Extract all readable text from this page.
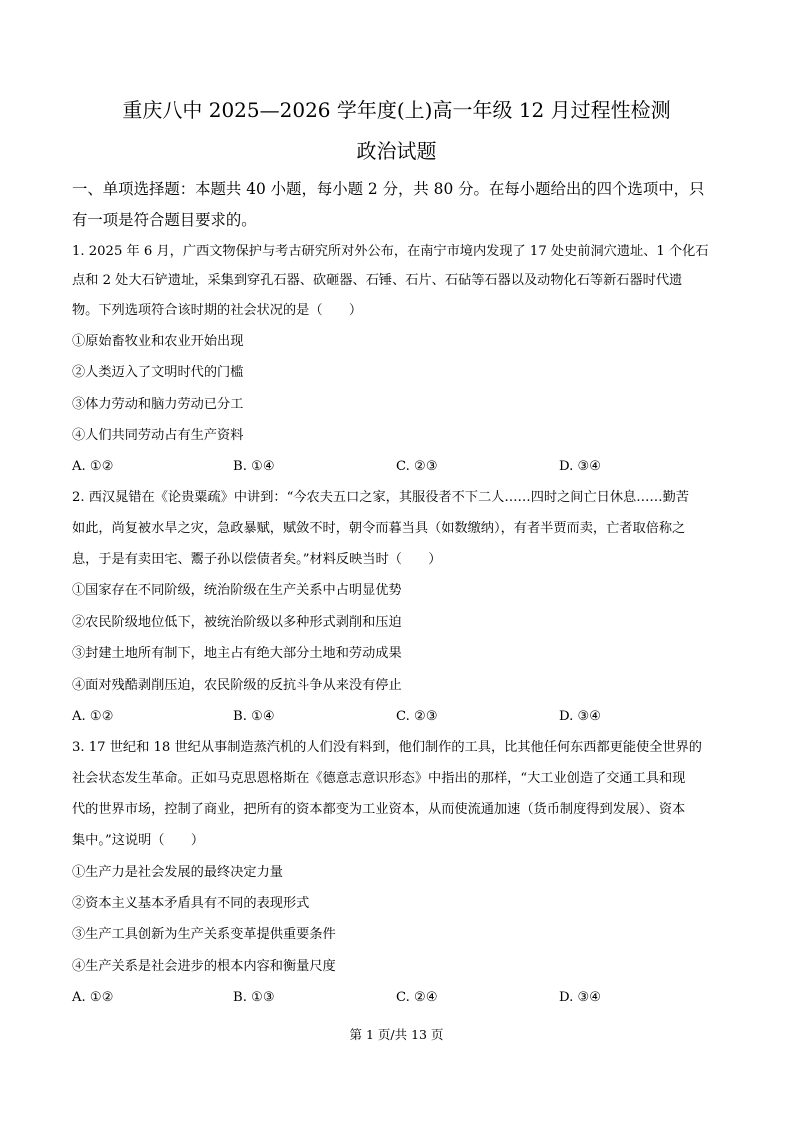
重庆八中 2025—2026 学年度(上)高一年级 12 月过程性检测
政治试题
一、单项选择题：本题共 40 小题，每小题 2 分，共 80 分。在每小题给出的四个选项中，只
有一项是符合题目要求的。
1. 2025 年 6 月，广西文物保护与考古研究所对外公布，在南宁市境内发现了 17 处史前洞穴遗址、1 个化石
点和 2 处大石铲遗址，采集到穿孔石器、砍砸器、石锤、石片、石砧等石器以及动物化石等新石器时代遗
物。下列选项符合该时期的社会状况的是（　　）
①原始畜牧业和农业开始出现
②人类迈入了文明时代的门槛
③体力劳动和脑力劳动已分工
④人们共同劳动占有生产资料
A. ①②	B. ①④	C. ②③	D. ③④
2. 西汉晁错在《论贵粟疏》中讲到：“今农夫五口之家，其服役者不下二人……四时之间亡日休息……勤苦
如此，尚复被水旱之灾，急政暴赋，赋敛不时，朝令而暮当具（如数缴纳），有者半贾而卖，亡者取倍称之
息，于是有卖田宅、鬻子孙以偿债者矣。”材料反映当时（　　）
①国家存在不同阶级，统治阶级在生产关系中占明显优势
②农民阶级地位低下，被统治阶级以多种形式剥削和压迫
③封建土地所有制下，地主占有绝大部分土地和劳动成果
④面对残酷剥削压迫，农民阶级的反抗斗争从来没有停止
A. ①②	B. ①④	C. ②③	D. ③④
3. 17 世纪和 18 世纪从事制造蒸汽机的人们没有料到，他们制作的工具，比其他任何东西都更能使全世界的
社会状态发生革命。正如马克思恩格斯在《德意志意识形态》中指出的那样，“大工业创造了交通工具和现
代的世界市场，控制了商业，把所有的资本都变为工业资本，从而使流通加速（货币制度得到发展）、资本
集中。”这说明（　　）
①生产力是社会发展的最终决定力量
②资本主义基本矛盾具有不同的表现形式
③生产工具创新为生产关系变革提供重要条件
④生产关系是社会进步的根本内容和衡量尺度
A. ①②	B. ①③	C. ②④	D. ③④
第 1 页/共 13 页
